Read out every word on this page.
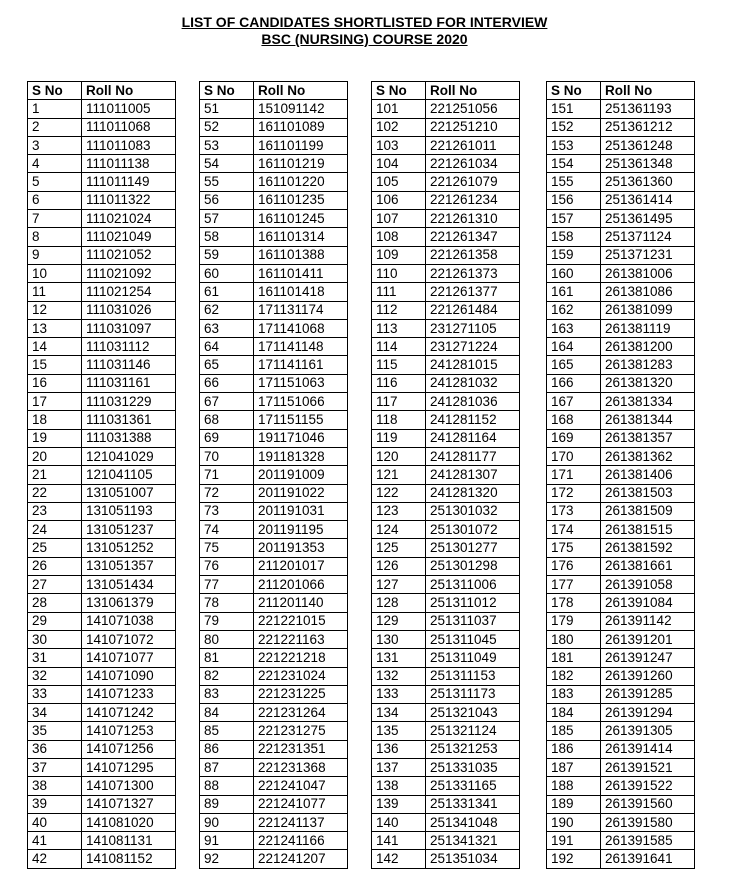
LIST OF CANDIDATES SHORTLISTED FOR INTERVIEW
BSC (NURSING) COURSE 2020
S No	Roll No
1	111011005
2	111011068
3	111011083
4	111011138
5	111011149
6	111011322
7	111021024
8	111021049
9	111021052
10	111021092
11	111021254
12	111031026
13	111031097
14	111031112
15	111031146
16	111031161
17	111031229
18	111031361
19	111031388
20	121041029
21	121041105
22	131051007
23	131051193
24	131051237
25	131051252
26	131051357
27	131051434
28	131061379
29	141071038
30	141071072
31	141071077
32	141071090
33	141071233
34	141071242
35	141071253
36	141071256
37	141071295
38	141071300
39	141071327
40	141081020
41	141081131
42	141081152
S No	Roll No
51	151091142
52	161101089
53	161101199
54	161101219
55	161101220
56	161101235
57	161101245
58	161101314
59	161101388
60	161101411
61	161101418
62	171131174
63	171141068
64	171141148
65	171141161
66	171151063
67	171151066
68	171151155
69	191171046
70	191181328
71	201191009
72	201191022
73	201191031
74	201191195
75	201191353
76	211201017
77	211201066
78	211201140
79	221221015
80	221221163
81	221221218
82	221231024
83	221231225
84	221231264
85	221231275
86	221231351
87	221231368
88	221241047
89	221241077
90	221241137
91	221241166
92	221241207
S No	Roll No
101	221251056
102	221251210
103	221261011
104	221261034
105	221261079
106	221261234
107	221261310
108	221261347
109	221261358
110	221261373
111	221261377
112	221261484
113	231271105
114	231271224
115	241281015
116	241281032
117	241281036
118	241281152
119	241281164
120	241281177
121	241281307
122	241281320
123	251301032
124	251301072
125	251301277
126	251301298
127	251311006
128	251311012
129	251311037
130	251311045
131	251311049
132	251311153
133	251311173
134	251321043
135	251321124
136	251321253
137	251331035
138	251331165
139	251331341
140	251341048
141	251341321
142	251351034
S No	Roll No
151	251361193
152	251361212
153	251361248
154	251361348
155	251361360
156	251361414
157	251361495
158	251371124
159	251371231
160	261381006
161	261381086
162	261381099
163	261381119
164	261381200
165	261381283
166	261381320
167	261381334
168	261381344
169	261381357
170	261381362
171	261381406
172	261381503
173	261381509
174	261381515
175	261381592
176	261381661
177	261391058
178	261391084
179	261391142
180	261391201
181	261391247
182	261391260
183	261391285
184	261391294
185	261391305
186	261391414
187	261391521
188	261391522
189	261391560
190	261391580
191	261391585
192	261391641
